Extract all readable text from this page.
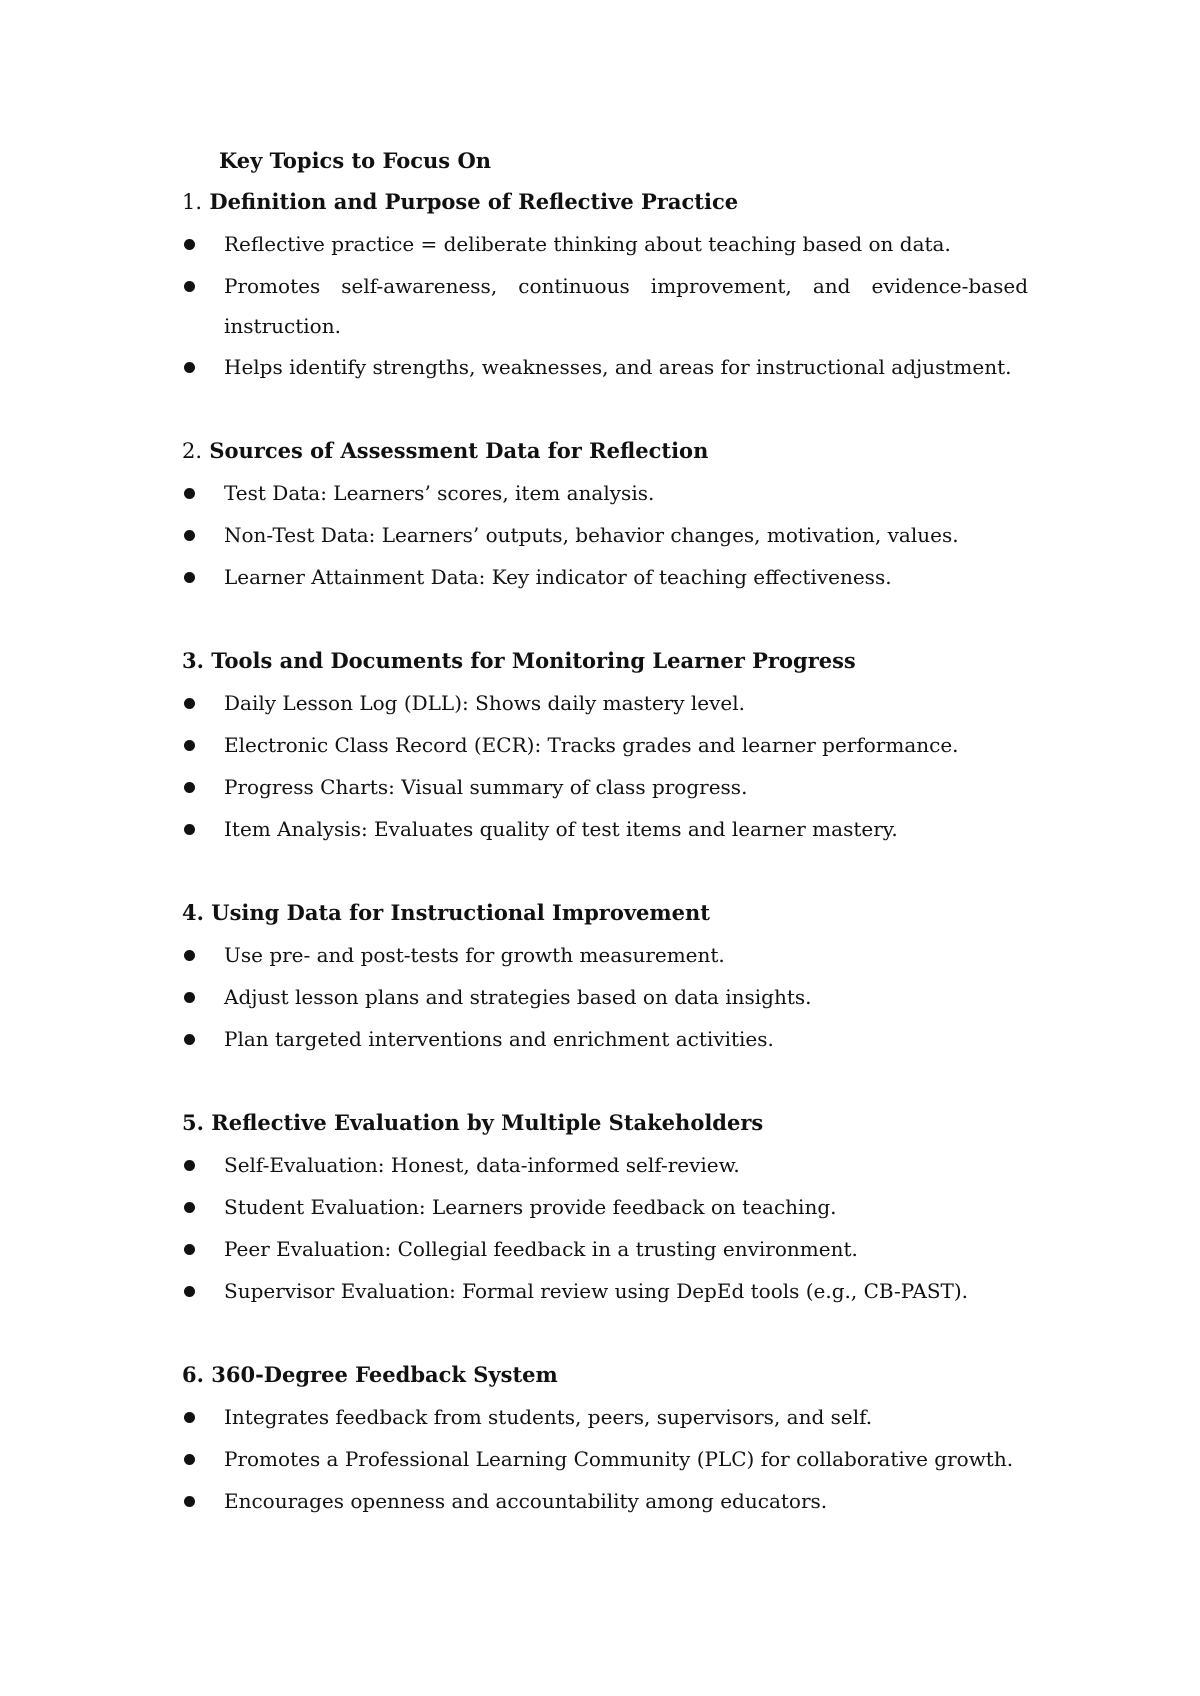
Key Topics to Focus On
1. Definition and Purpose of Reflective Practice
Reflective practice = deliberate thinking about teaching based on data.
Promotes self-awareness, continuous improvement, and evidence-based instruction.
Helps identify strengths, weaknesses, and areas for instructional adjustment.
2. Sources of Assessment Data for Reflection
Test Data: Learners’ scores, item analysis.
Non-Test Data: Learners’ outputs, behavior changes, motivation, values.
Learner Attainment Data: Key indicator of teaching effectiveness.
3. Tools and Documents for Monitoring Learner Progress
Daily Lesson Log (DLL): Shows daily mastery level.
Electronic Class Record (ECR): Tracks grades and learner performance.
Progress Charts: Visual summary of class progress.
Item Analysis: Evaluates quality of test items and learner mastery.
4. Using Data for Instructional Improvement
Use pre- and post-tests for growth measurement.
Adjust lesson plans and strategies based on data insights.
Plan targeted interventions and enrichment activities.
5. Reflective Evaluation by Multiple Stakeholders
Self-Evaluation: Honest, data-informed self-review.
Student Evaluation: Learners provide feedback on teaching.
Peer Evaluation: Collegial feedback in a trusting environment.
Supervisor Evaluation: Formal review using DepEd tools (e.g., CB-PAST).
6. 360-Degree Feedback System
Integrates feedback from students, peers, supervisors, and self.
Promotes a Professional Learning Community (PLC) for collaborative growth.
Encourages openness and accountability among educators.
